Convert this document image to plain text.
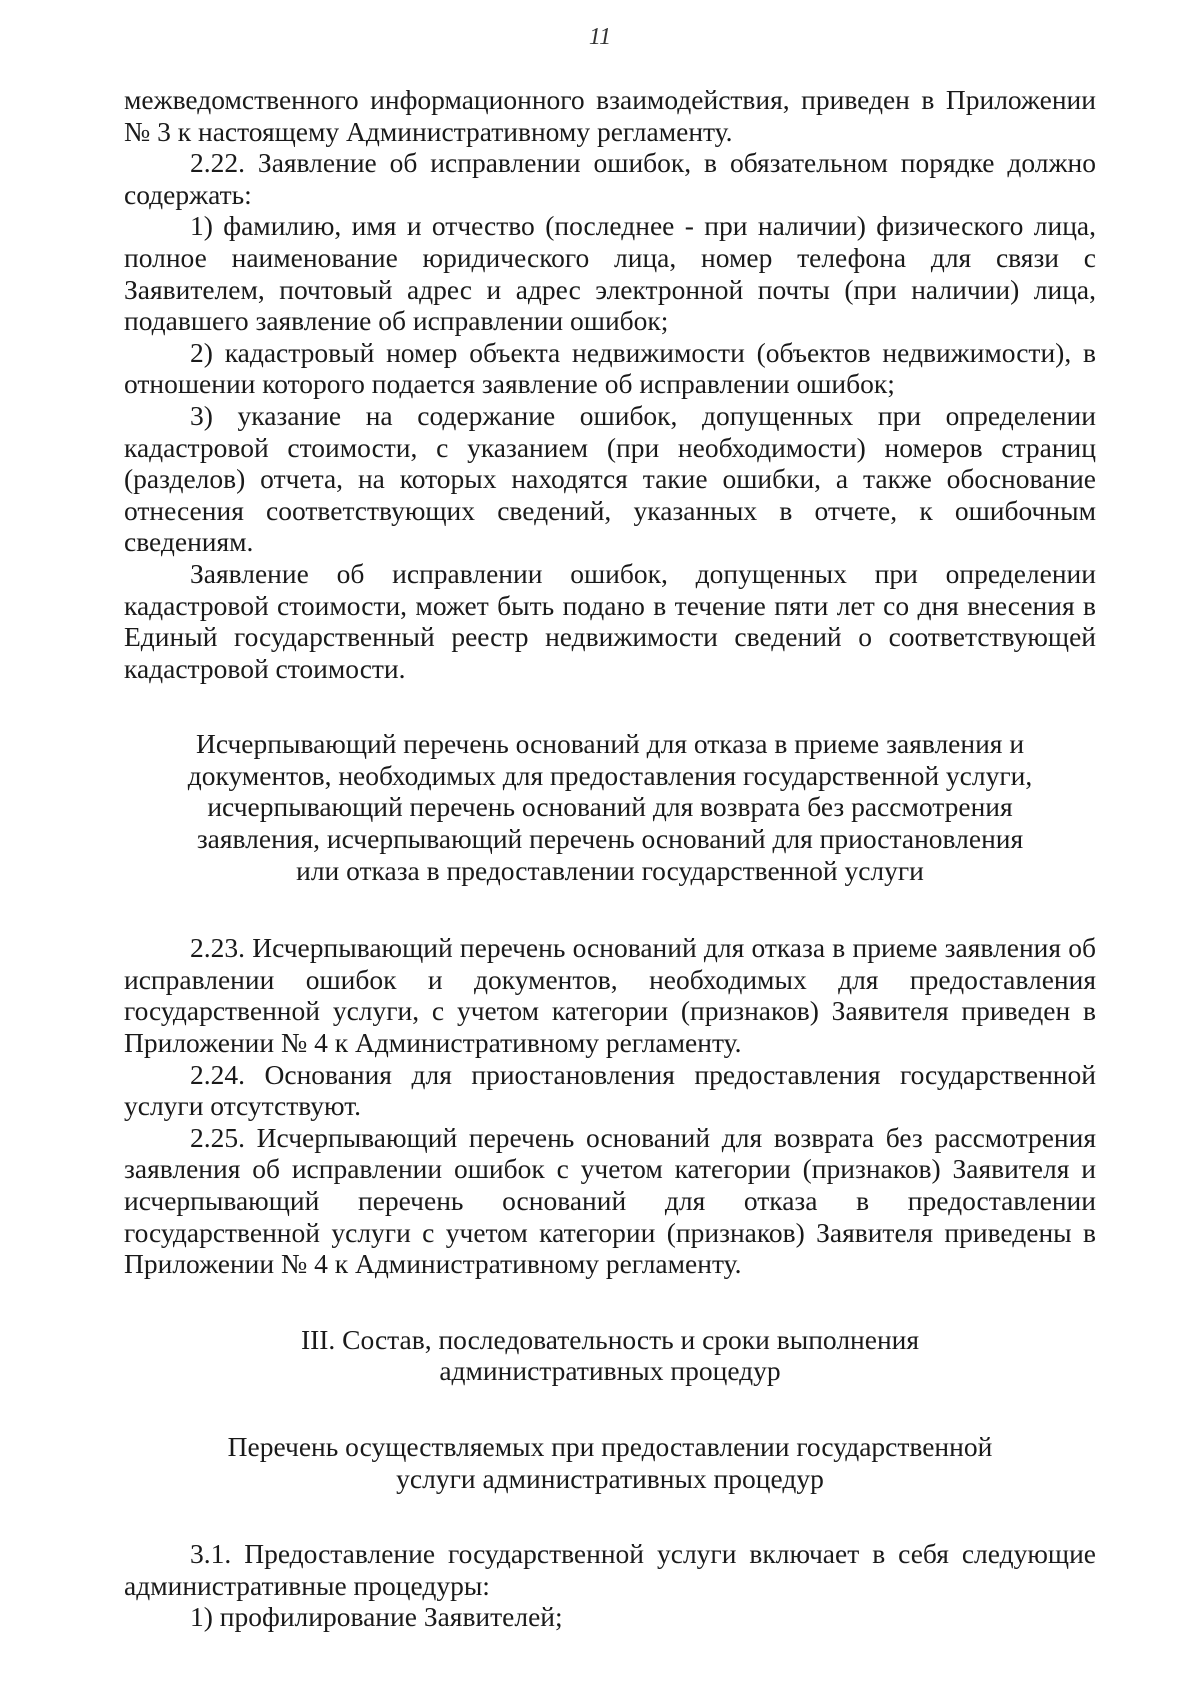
11

межведомственного информационного взаимодействия, приведен в Приложении № 3 к настоящему Административному регламенту.

2.22. Заявление об исправлении ошибок, в обязательном порядке должно содержать:

1) фамилию, имя и отчество (последнее - при наличии) физического лица, полное наименование юридического лица, номер телефона для связи с Заявителем, почтовый адрес и адрес электронной почты (при наличии) лица, подавшего заявление об исправлении ошибок;

2) кадастровый номер объекта недвижимости (объектов недвижимости), в отношении которого подается заявление об исправлении ошибок;

3) указание на содержание ошибок, допущенных при определении кадастровой стоимости, с указанием (при необходимости) номеров страниц (разделов) отчета, на которых находятся такие ошибки, а также обоснование отнесения соответствующих сведений, указанных в отчете, к ошибочным сведениям.

Заявление об исправлении ошибок, допущенных при определении кадастровой стоимости, может быть подано в течение пяти лет со дня внесения в Единый государственный реестр недвижимости сведений о соответствующей кадастровой стоимости.

Исчерпывающий перечень оснований для отказа в приеме заявления и
документов, необходимых для предоставления государственной услуги,
исчерпывающий перечень оснований для возврата без рассмотрения
заявления, исчерпывающий перечень оснований для приостановления
или отказа в предоставлении государственной услуги

2.23. Исчерпывающий перечень оснований для отказа в приеме заявления об исправлении ошибок и документов, необходимых для предоставления государственной услуги, с учетом категории (признаков) Заявителя приведен в Приложении № 4 к Административному регламенту.

2.24. Основания для приостановления предоставления государственной услуги отсутствуют.

2.25. Исчерпывающий перечень оснований для возврата без рассмотрения заявления об исправлении ошибок с учетом категории (признаков) Заявителя и исчерпывающий перечень оснований для отказа в предоставлении государственной услуги с учетом категории (признаков) Заявителя приведены в Приложении № 4 к Административному регламенту.

III. Состав, последовательность и сроки выполнения
административных процедур
Перечень осуществляемых при предоставлении государственной
услуги административных процедур

3.1. Предоставление государственной услуги включает в себя следующие административные процедуры:

1) профилирование Заявителей;
